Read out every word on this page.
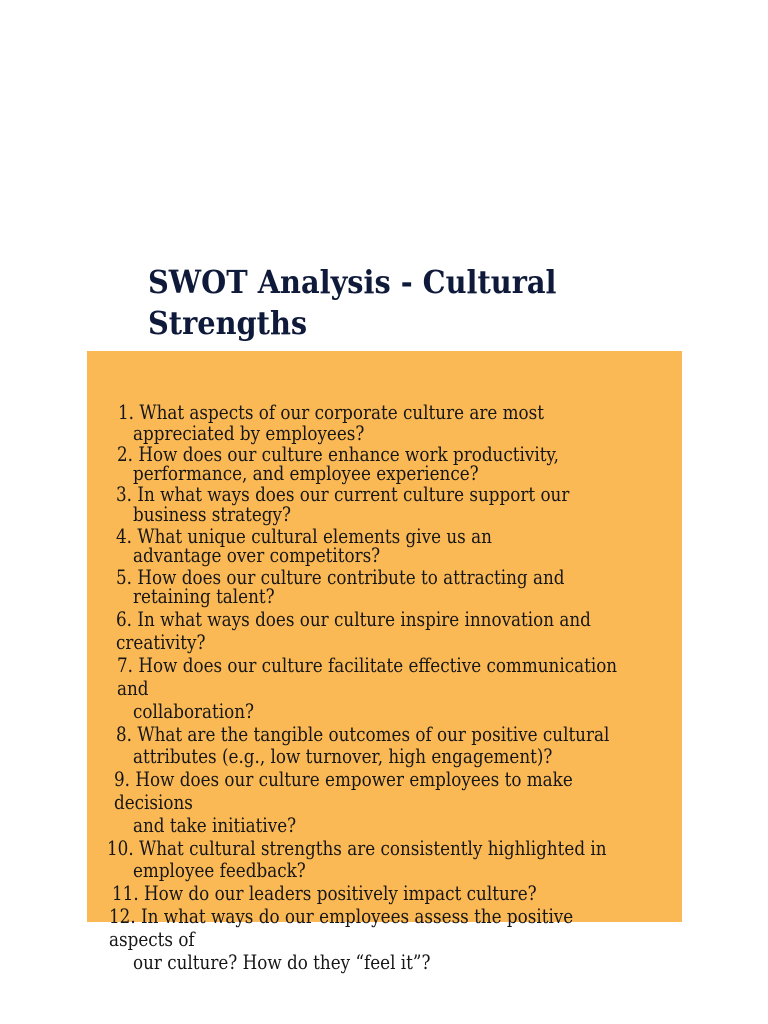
SWOT Analysis - Cultural Strengths

1. What aspects of our corporate culture are most

appreciated by employees?

2. How does our culture enhance work productivity,

performance, and employee experience?

3. In what ways does our current culture support our

business strategy?

4. What unique cultural elements give us an

advantage over competitors?

5. How does our culture contribute to attracting and

retaining talent?

6. In what ways does our culture inspire innovation and

creativity?

7. How does our culture facilitate effective communication

and

collaboration?

8. What are the tangible outcomes of our positive cultural

attributes (e.g., low turnover, high engagement)?

9. How does our culture empower employees to make

decisions

and take initiative?

10. What cultural strengths are consistently highlighted in

employee feedback?

11. How do our leaders positively impact culture?

12. In what ways do our employees assess the positive

aspects of

our culture? How do they “feel it”?
